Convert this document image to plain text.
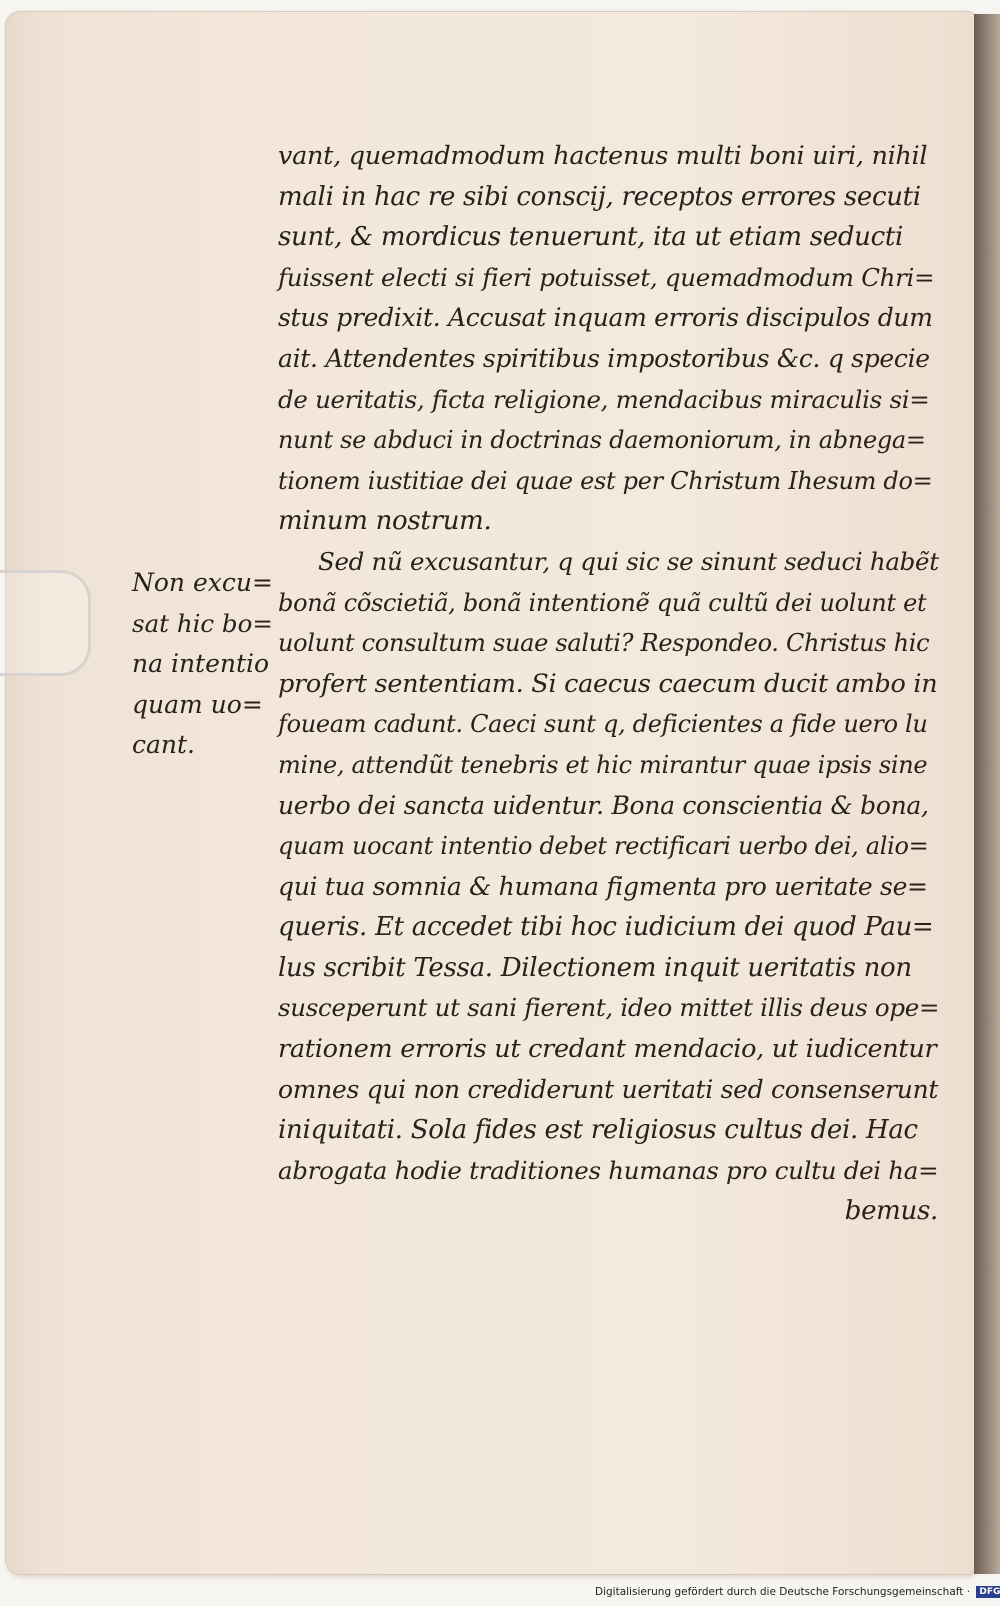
Non excu=
sat hic bo=
na intentio
quam uo=
cant.
vant, quemadmodum hactenus multi boni uiri, nihil
mali in hac re sibi conscij, receptos errores secuti
sunt, & mordicus tenuerunt, ita ut etiam seducti
fuissent electi si fieri potuisset, quemadmodum Chri=
stus predixit. Accusat inquam erroris discipulos dum
ait. Attendentes spiritibus impostoribus &c. q specie
de ueritatis, ficta religione, mendacibus miraculis si=
nunt se abduci in doctrinas daemoniorum, in abnega=
tionem iustitiae dei quae est per Christum Ihesum do=
minum nostrum.
Sed nũ excusantur, q qui sic se sinunt seduci habẽt
bonã cõscietiã, bonã intentionẽ quã cultũ dei uolunt et
uolunt consultum suae saluti? Respondeo. Christus hic
profert sententiam. Si caecus caecum ducit ambo in
foueam cadunt. Caeci sunt q, deficientes a fide uero lu
mine, attendũt tenebris et hic mirantur quae ipsis sine
uerbo dei sancta uidentur. Bona conscientia & bona,
quam uocant intentio debet rectificari uerbo dei, alio=
qui tua somnia & humana figmenta pro ueritate se=
queris. Et accedet tibi hoc iudicium dei quod Pau=
lus scribit Tessa. Dilectionem inquit ueritatis non
susceperunt ut sani fierent, ideo mittet illis deus ope=
rationem erroris ut credant mendacio, ut iudicentur
omnes qui non crediderunt ueritati sed consenserunt
iniquitati. Sola fides est religiosus cultus dei. Hac
abrogata hodie traditiones humanas pro cultu dei ha=
bemus.
Digitalisierung gefördert durch die Deutsche Forschungsgemeinschaft · DFG
